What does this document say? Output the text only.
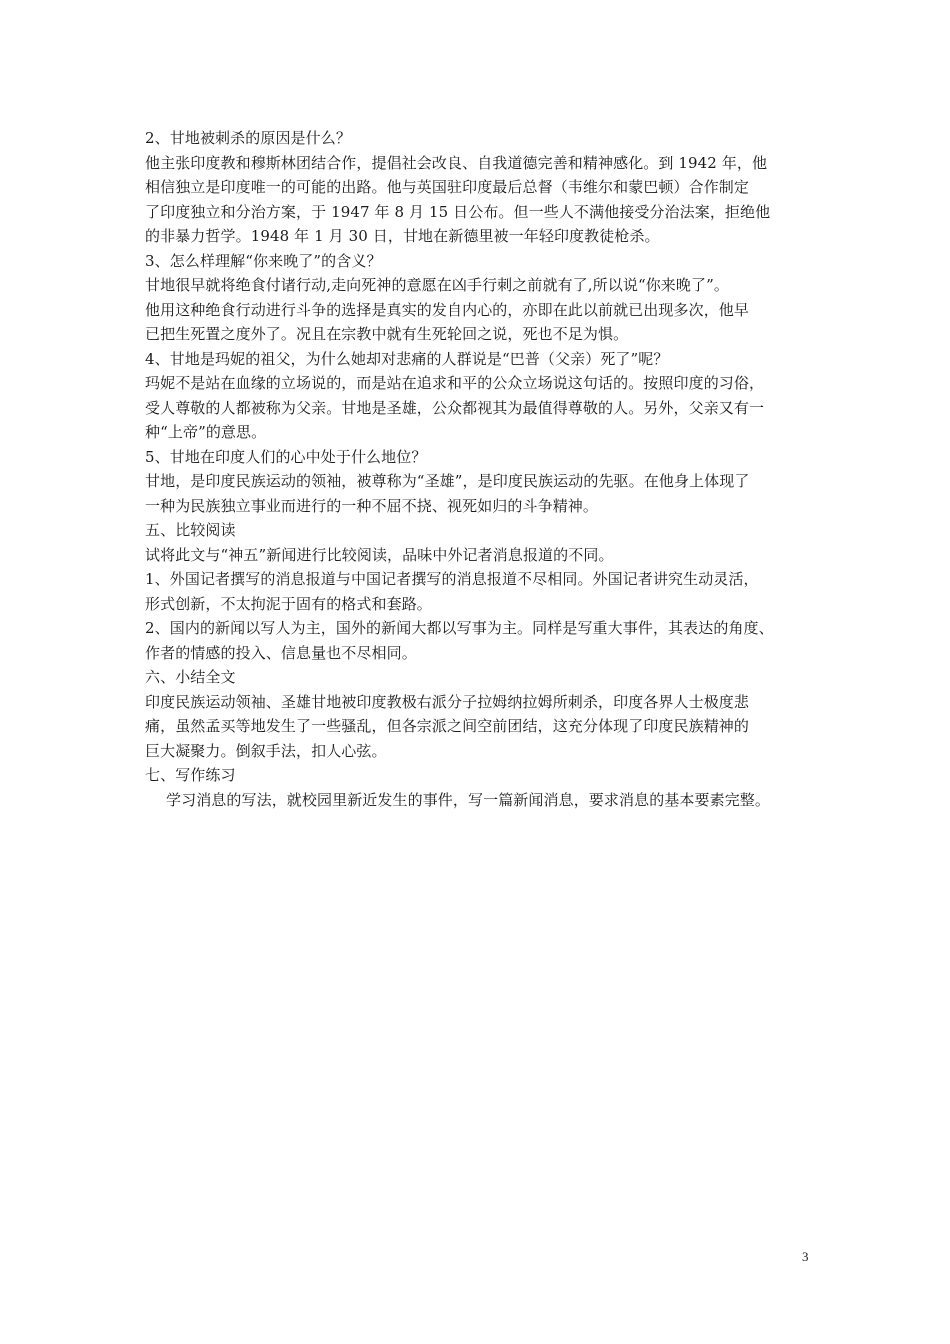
2、甘地被刺杀的原因是什么？
他主张印度教和穆斯林团结合作，提倡社会改良、自我道德完善和精神感化。到 1942 年，他
相信独立是印度唯一的可能的出路。他与英国驻印度最后总督（韦维尔和蒙巴顿）合作制定
了印度独立和分治方案，于 1947 年 8 月 15 日公布。但一些人不满他接受分治法案，拒绝他
的非暴力哲学。1948 年 1 月 30 日，甘地在新德里被一年轻印度教徒枪杀。
3、怎么样理解“你来晚了”的含义？
甘地很早就将绝食付诸行动,走向死神的意愿在凶手行刺之前就有了,所以说“你来晚了”。
他用这种绝食行动进行斗争的选择是真实的发自内心的，亦即在此以前就已出现多次，他早
已把生死置之度外了。况且在宗教中就有生死轮回之说，死也不足为惧。
4、甘地是玛妮的祖父，为什么她却对悲痛的人群说是“巴普（父亲）死了”呢？
玛妮不是站在血缘的立场说的，而是站在追求和平的公众立场说这句话的。按照印度的习俗，
受人尊敬的人都被称为父亲。甘地是圣雄，公众都视其为最值得尊敬的人。另外，父亲又有一
种“上帝”的意思。
5、甘地在印度人们的心中处于什么地位？
甘地，是印度民族运动的领袖，被尊称为“圣雄”，是印度民族运动的先驱。在他身上体现了
一种为民族独立事业而进行的一种不屈不挠、视死如归的斗争精神。
五、比较阅读
试将此文与“神五”新闻进行比较阅读，品味中外记者消息报道的不同。
1、外国记者撰写的消息报道与中国记者撰写的消息报道不尽相同。外国记者讲究生动灵活，
形式创新，不太拘泥于固有的格式和套路。
2、国内的新闻以写人为主，国外的新闻大都以写事为主。同样是写重大事件，其表达的角度、
作者的情感的投入、信息量也不尽相同。
六、小结全文
印度民族运动领袖、圣雄甘地被印度教极右派分子拉姆纳拉姆所刺杀，印度各界人士极度悲
痛，虽然孟买等地发生了一些骚乱，但各宗派之间空前团结，这充分体现了印度民族精神的
巨大凝聚力。倒叙手法，扣人心弦。
七、写作练习
学习消息的写法，就校园里新近发生的事件，写一篇新闻消息，要求消息的基本要素完整。
3
